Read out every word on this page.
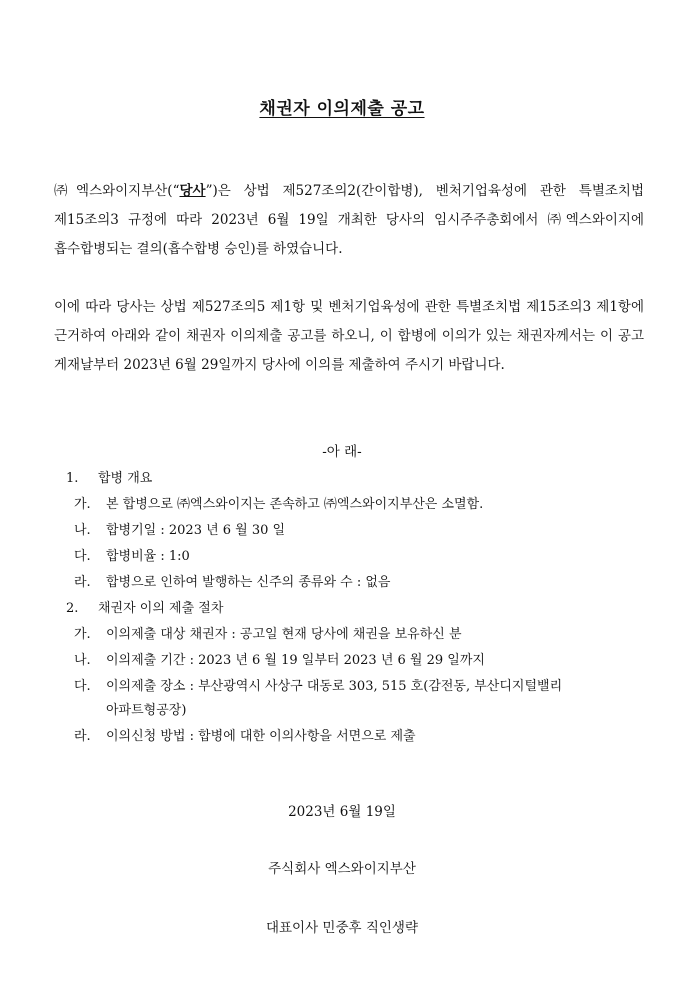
채권자 이의제출 공고
㈜엑스와이지부산(“당사”)은 상법 제527조의2(간이합병), 벤처기업육성에 관한 특별조치법 제15조의3 규정에 따라 2023년 6월 19일 개최한 당사의 임시주주총회에서 ㈜엑스와이지에 흡수합병되는 결의(흡수합병 승인)를 하였습니다.
이에 따라 당사는 상법 제527조의5 제1항 및 벤처기업육성에 관한 특별조치법 제15조의3 제1항에 근거하여 아래와 같이 채권자 이의제출 공고를 하오니, 이 합병에 이의가 있는 채권자께서는 이 공고 게재날부터 2023년 6월 29일까지 당사에 이의를 제출하여 주시기 바랍니다.
-아 래-
1. 합병 개요
가. 본 합병으로 ㈜엑스와이지는 존속하고 ㈜엑스와이지부산은 소멸함.
나. 합병기일 : 2023 년 6 월 30 일
다. 합병비율 : 1:0
라. 합병으로 인하여 발행하는 신주의 종류와 수 : 없음
2. 채권자 이의 제출 절차
가. 이의제출 대상 채권자 : 공고일 현재 당사에 채권을 보유하신 분
나. 이의제출 기간 : 2023 년 6 월 19 일부터 2023 년 6 월 29 일까지
다. 이의제출 장소 : 부산광역시 사상구 대동로 303, 515 호(감전동, 부산디지털밸리
아파트형공장)
라. 이의신청 방법 : 합병에 대한 이의사항을 서면으로 제출
2023년 6월 19일
주식회사 엑스와이지부산
대표이사 민중후 직인생략
